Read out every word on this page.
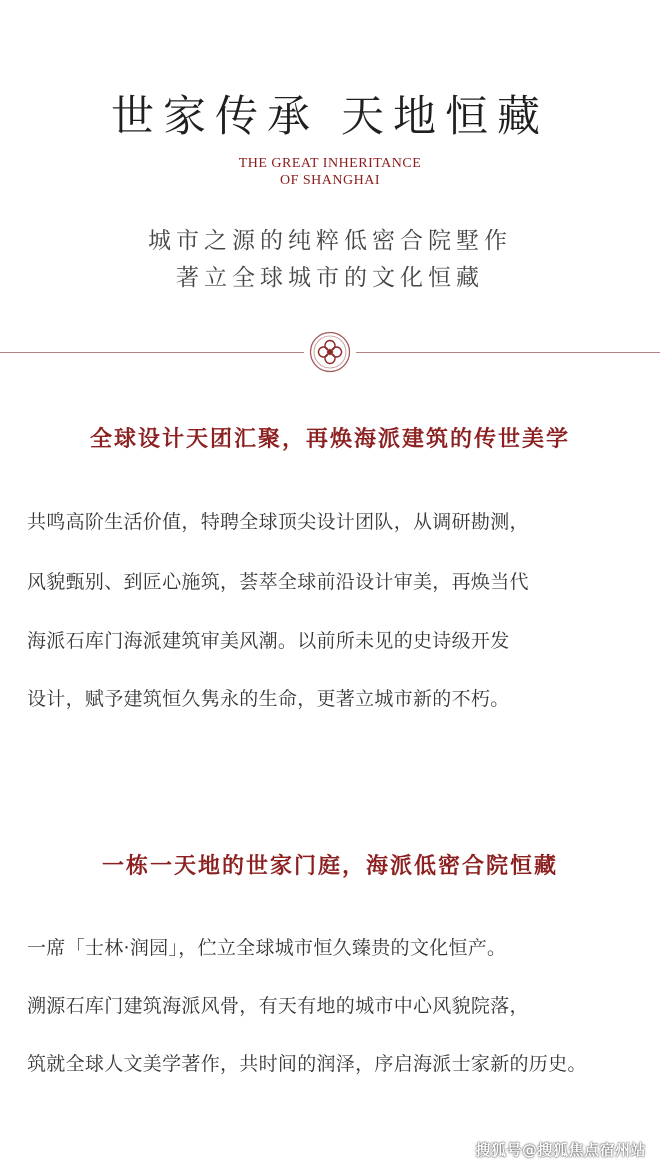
世家传承 天地恒藏
THE GREAT INHERITANCE
OF SHANGHAI
城市之源的纯粹低密合院墅作
著立全球城市的文化恒藏
全球设计天团汇聚，再焕海派建筑的传世美学
共鸣高阶生活价值，特聘全球顶尖设计团队，从调研勘测，
风貌甄别、到匠心施筑，荟萃全球前沿设计审美，再焕当代
海派石库门海派建筑审美风潮。以前所未见的史诗级开发
设计，赋予建筑恒久隽永的生命，更著立城市新的不朽。
一栋一天地的世家门庭，海派低密合院恒藏
一席「士林·润园」，伫立全球城市恒久臻贵的文化恒产。
溯源石库门建筑海派风骨，有天有地的城市中心风貌院落，
筑就全球人文美学著作，共时间的润泽，序启海派士家新的历史。
搜狐号@搜狐焦点宿州站
